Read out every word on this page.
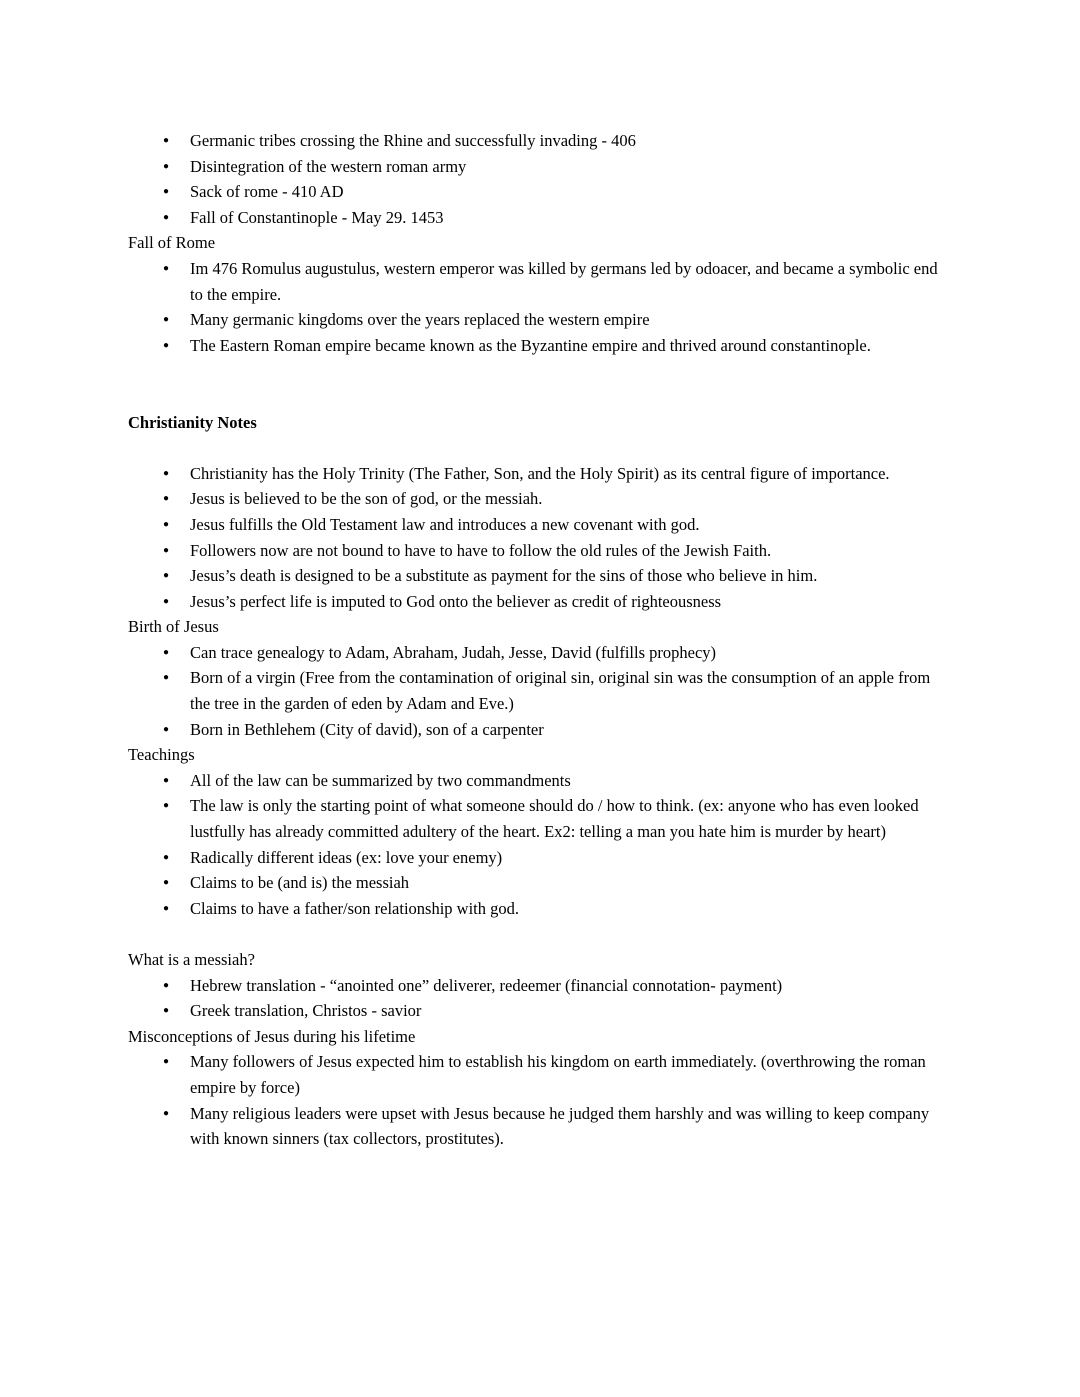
●	Germanic tribes crossing the Rhine and successfully invading - 406
●	Disintegration of the western roman army
●	Sack of rome - 410 AD
●	Fall of Constantinople - May 29. 1453
Fall of Rome
●	Im 476 Romulus augustulus, western emperor was killed by germans led by odoacer, and became a symbolic end to the empire.
●	Many germanic kingdoms over the years replaced the western empire
●	The Eastern Roman empire became known as the Byzantine empire and thrived around constantinople.
Christianity Notes
●	Christianity has the Holy Trinity (The Father, Son, and the Holy Spirit) as its central figure of importance.
●	Jesus is believed to be the son of god, or the messiah.
●	Jesus fulfills the Old Testament law and introduces a new covenant with god.
●	Followers now are not bound to have to have to follow the old rules of the Jewish Faith.
●	Jesus’s death is designed to be a substitute as payment for the sins of those who believe in him.
●	Jesus’s perfect life is imputed to God onto the believer as credit of righteousness
Birth of Jesus
●	Can trace genealogy to Adam, Abraham, Judah, Jesse, David (fulfills prophecy)
●	Born of a virgin (Free from the contamination of original sin, original sin was the consumption of an apple from the tree in the garden of eden by Adam and Eve.)
●	Born in Bethlehem (City of david), son of a carpenter
Teachings
●	All of the law can be summarized by two commandments
●	The law is only the starting point of what someone should do / how to think. (ex: anyone who has even looked lustfully has already committed adultery of the heart. Ex2: telling a man you hate him is murder by heart)
●	Radically different ideas (ex: love your enemy)
●	Claims to be (and is) the messiah
●	Claims to have a father/son relationship with god.
What is a messiah?
●	Hebrew translation - “anointed one” deliverer, redeemer (financial connotation- payment)
●	Greek translation, Christos - savior
Misconceptions of Jesus during his lifetime
●	Many followers of Jesus expected him to establish his kingdom on earth immediately. (overthrowing the roman empire by force)
●	Many religious leaders were upset with Jesus because he judged them harshly and was willing to keep company with known sinners (tax collectors, prostitutes).
